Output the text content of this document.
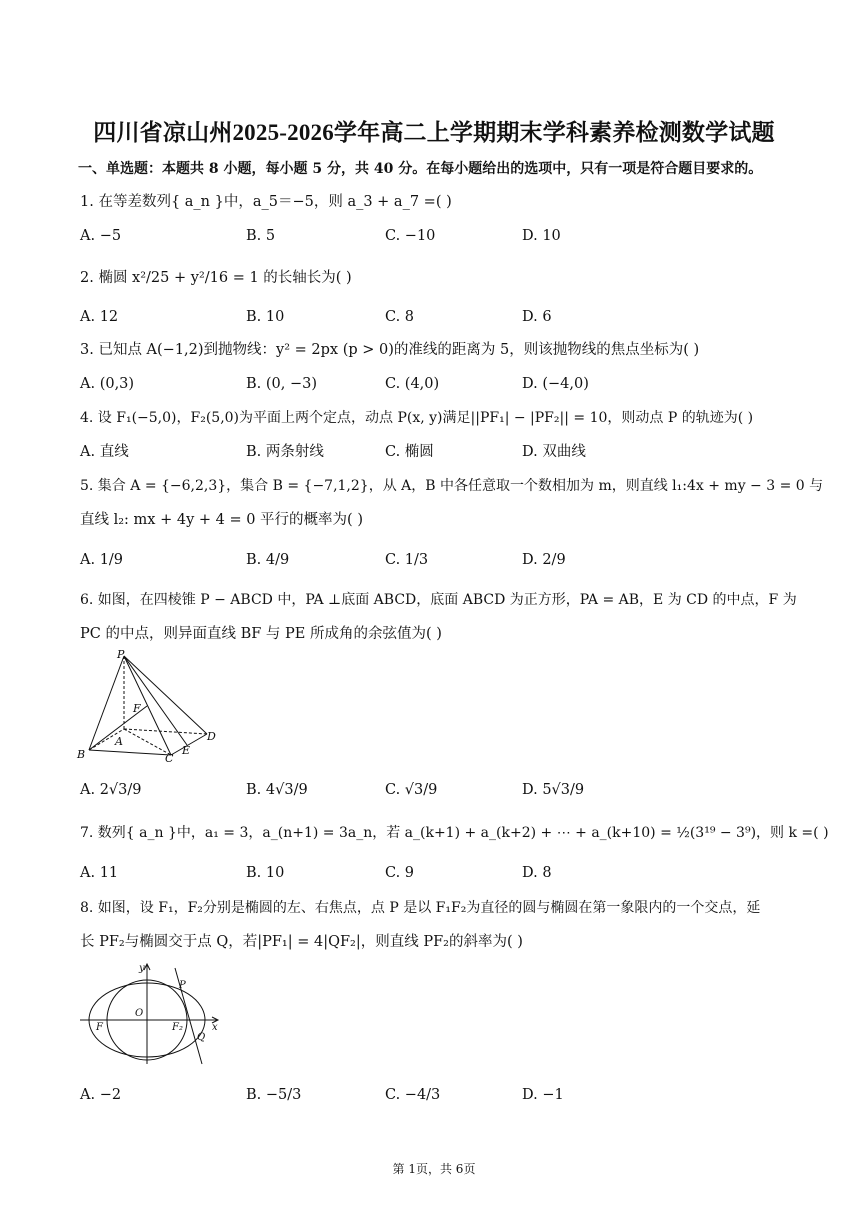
四川省凉山州2025-2026学年高二上学期期末学科素养检测数学试题
一、单选题：本题共 8 小题，每小题 5 分，共 40 分。在每小题给出的选项中，只有一项是符合题目要求的。
1. 在等差数列{ a_n }中，a_5＝−5，则 a_3 + a_7 =( )
A. −5	B. 5	C. −10	D. 10
2. 椭圆 x²/25 + y²/16 = 1 的长轴长为( )
A. 12	B. 10	C. 8	D. 6
3. 已知点 A(−1,2)到抛物线：y² = 2px (p > 0)的准线的距离为 5，则该抛物线的焦点坐标为( )
A. (0,3)	B. (0, −3)	C. (4,0)	D. (−4,0)
4. 设 F₁(−5,0)，F₂(5,0)为平面上两个定点，动点 P(x, y)满足||PF₁| − |PF₂|| = 10，则动点 P 的轨迹为( )
A. 直线	B. 两条射线	C. 椭圆	D. 双曲线
5. 集合 A = {−6,2,3}，集合 B = {−7,1,2}，从 A，B 中各任意取一个数相加为 m，则直线 l₁:4x + my − 3 = 0 与
直线 l₂: mx + 4y + 4 = 0 平行的概率为( )
A. 1/9	B. 4/9	C. 1/3	D. 2/9
6. 如图，在四棱锥 P − ABCD 中，PA ⊥底面 ABCD，底面 ABCD 为正方形，PA = AB，E 为 CD 的中点，F 为
PC 的中点，则异面直线 BF 与 PE 所成角的余弦值为( )
P
F
A
B	C
D
E
A. 2√3/9	B. 4√3/9	C. √3/9	D. 5√3/9
7. 数列{ a_n }中，a₁ = 3，a_(n+1) = 3a_n，若 a_(k+1) + a_(k+2) + ⋯ + a_(k+10) = ½(3¹⁹ − 3⁹)，则 k =( )
A. 11	B. 10	C. 9	D. 8
8. 如图，设 F₁，F₂分别是椭圆的左、右焦点，点 P 是以 F₁F₂为直径的圆与椭圆在第一象限内的一个交点，延
长 PF₂与椭圆交于点 Q，若|PF₁| = 4|QF₂|，则直线 PF₂的斜率为( )
y
P
F
O
F₂	x
Q
A. −2	B. −5/3	C. −4/3	D. −1
第 1页，共 6页
